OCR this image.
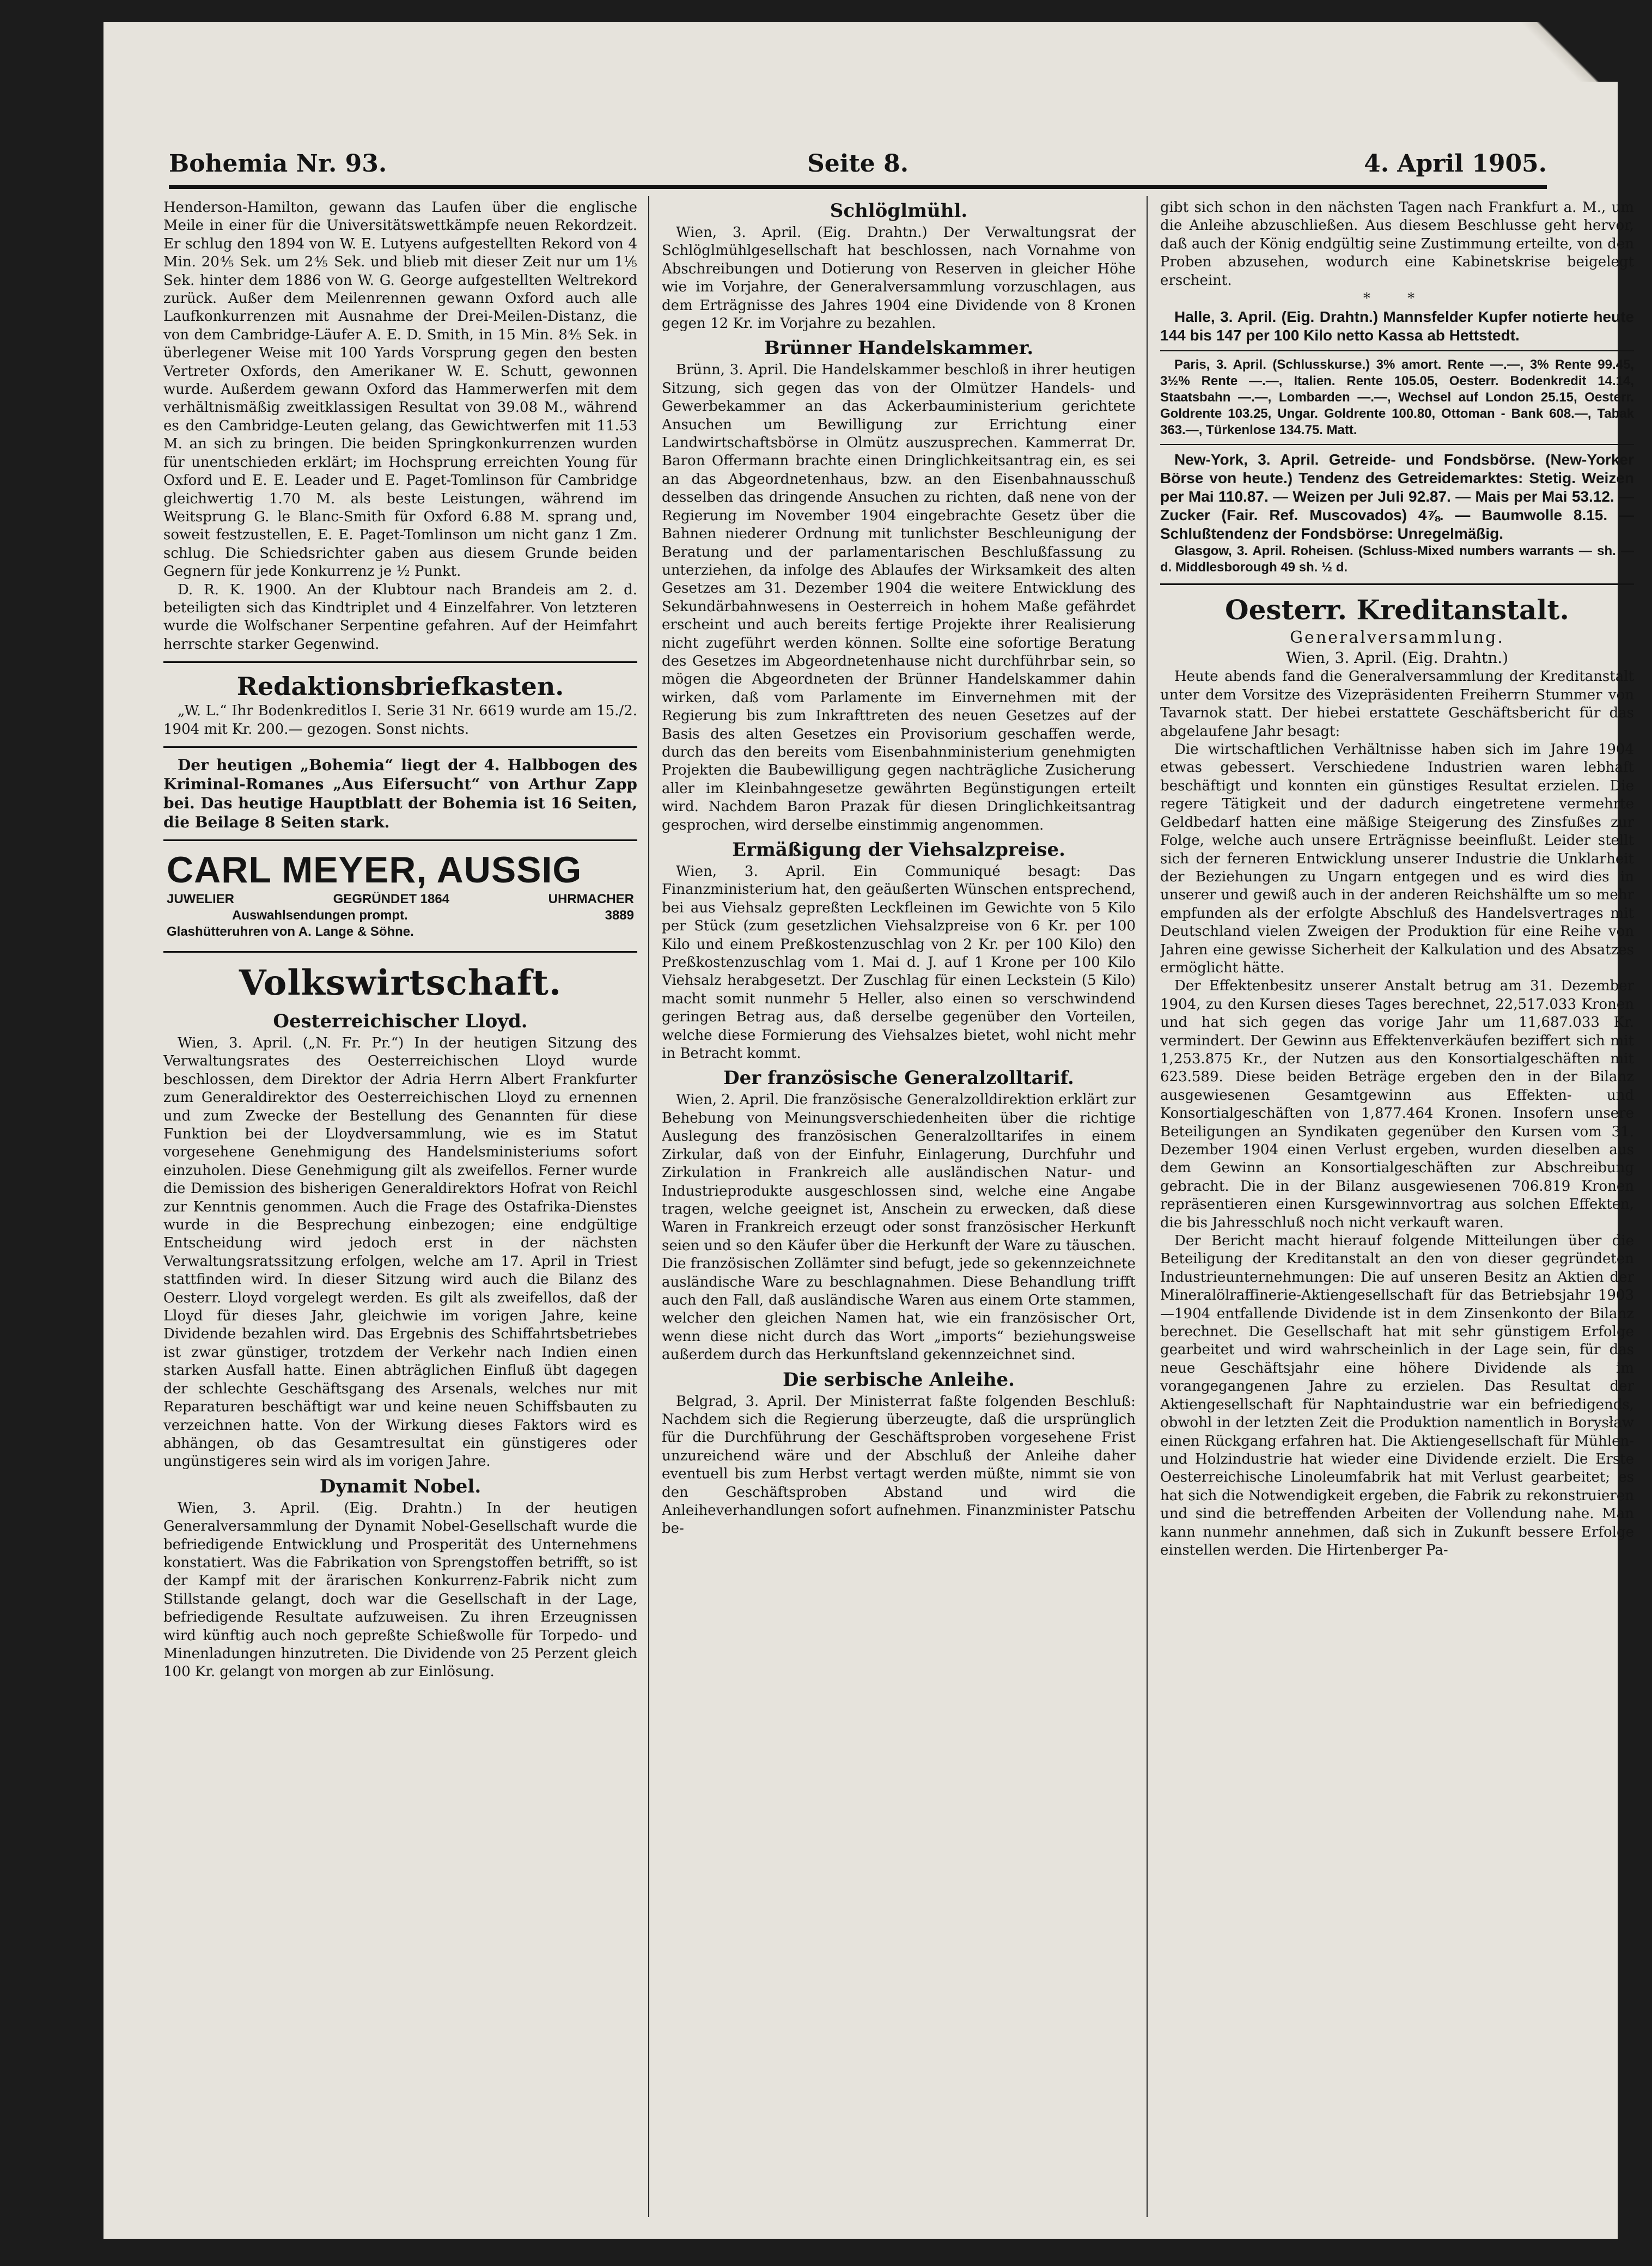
Bohemia Nr. 93.	Seite 8.	4. April 1905.

Henderson-Hamilton, gewann das Laufen über die englische Meile in einer für die Universitätswettkämpfe neuen Rekordzeit. Er schlug den 1894 von W. E. Lutyens aufgestellten Rekord von 4 Min. 20⅘ Sek. um 2⅘ Sek. und blieb mit dieser Zeit nur um 1⅕ Sek. hinter dem 1886 von W. G. George aufgestellten Weltrekord zurück. Außer dem Meilenrennen gewann Oxford auch alle Laufkonkurrenzen mit Ausnahme der Drei-Meilen-Distanz, die von dem Cambridge-Läufer A. E. D. Smith, in 15 Min. 8⅘ Sek. in überlegener Weise mit 100 Yards Vorsprung gegen den besten Vertreter Oxfords, den Amerikaner W. E. Schutt, gewonnen wurde. Außerdem gewann Oxford das Hammerwerfen mit dem verhältnismäßig zweitklassigen Resultat von 39.08 M., während es den Cambridge-Leuten gelang, das Gewichtwerfen mit 11.53 M. an sich zu bringen. Die beiden Springkonkurrenzen wurden für unentschieden erklärt; im Hochsprung erreichten Young für Oxford und E. E. Leader und E. Paget-Tomlinson für Cambridge gleichwertig 1.70 M. als beste Leistungen, während im Weitsprung G. le Blanc-Smith für Oxford 6.88 M. sprang und, soweit festzustellen, E. E. Paget-Tomlinson um nicht ganz 1 Zm. schlug. Die Schiedsrichter gaben aus diesem Grunde beiden Gegnern für jede Konkurrenz je ½ Punkt.

D. R. K. 1900. An der Klubtour nach Brandeis am 2. d. beteiligten sich das Kindtriplet und 4 Einzelfahrer. Von letzteren wurde die Wolfschaner Serpentine gefahren. Auf der Heimfahrt herrschte starker Gegenwind.

Redaktionsbriefkasten.

„W. L.“ Ihr Bodenkreditlos I. Serie 31 Nr. 6619 wurde am 15./2. 1904 mit Kr. 200.— gezogen. Sonst nichts.

Der heutigen „Bohemia“ liegt der 4. Halbbogen des Kriminal-Romanes „Aus Eifersucht“ von Arthur Zapp bei. Das heutige Hauptblatt der Bohemia ist 16 Seiten, die Beilage 8 Seiten stark.

CARL MEYER, AUSSIG
JUWELIER	GEGRÜNDET 1864	UHRMACHER
Auswahlsendungen prompt.	3889
Glashütteruhren von A. Lange & Söhne.
Volkswirtschaft.
Oesterreichischer Lloyd.

Wien, 3. April. („N. Fr. Pr.“) In der heutigen Sitzung des Verwaltungsrates des Oesterreichischen Lloyd wurde beschlossen, dem Direktor der Adria Herrn Albert Frankfurter zum Generaldirektor des Oesterreichischen Lloyd zu ernennen und zum Zwecke der Bestellung des Genannten für diese Funktion bei der Lloydversammlung, wie es im Statut vorgesehene Genehmigung des Handelsministeriums sofort einzuholen. Diese Genehmigung gilt als zweifellos. Ferner wurde die Demission des bisherigen Generaldirektors Hofrat von Reichl zur Kenntnis genommen. Auch die Frage des Ostafrika-Dienstes wurde in die Besprechung einbezogen; eine endgültige Entscheidung wird jedoch erst in der nächsten Verwaltungsratssitzung erfolgen, welche am 17. April in Triest stattfinden wird. In dieser Sitzung wird auch die Bilanz des Oesterr. Lloyd vorgelegt werden. Es gilt als zweifellos, daß der Lloyd für dieses Jahr, gleichwie im vorigen Jahre, keine Dividende bezahlen wird. Das Ergebnis des Schiffahrtsbetriebes ist zwar günstiger, trotzdem der Verkehr nach Indien einen starken Ausfall hatte. Einen abträglichen Einfluß übt dagegen der schlechte Geschäftsgang des Arsenals, welches nur mit Reparaturen beschäftigt war und keine neuen Schiffsbauten zu verzeichnen hatte. Von der Wirkung dieses Faktors wird es abhängen, ob das Gesamtresultat ein günstigeres oder ungünstigeres sein wird als im vorigen Jahre.

Dynamit Nobel.

Wien, 3. April. (Eig. Drahtn.) In der heutigen Generalversammlung der Dynamit Nobel-Gesellschaft wurde die befriedigende Entwicklung und Prosperität des Unternehmens konstatiert. Was die Fabrikation von Sprengstoffen betrifft, so ist der Kampf mit der ärarischen Konkurrenz-Fabrik nicht zum Stillstande gelangt, doch war die Gesellschaft in der Lage, befriedigende Resultate aufzuweisen. Zu ihren Erzeugnissen wird künftig auch noch gepreßte Schießwolle für Torpedo- und Minenladungen hinzutreten. Die Dividende von 25 Perzent gleich 100 Kr. gelangt von morgen ab zur Einlösung.

Schlöglmühl.

Wien, 3. April. (Eig. Drahtn.) Der Verwaltungsrat der Schlöglmühlgesellschaft hat beschlossen, nach Vornahme von Abschreibungen und Dotierung von Reserven in gleicher Höhe wie im Vorjahre, der Generalversammlung vorzuschlagen, aus dem Erträgnisse des Jahres 1904 eine Dividende von 8 Kronen gegen 12 Kr. im Vorjahre zu bezahlen.

Brünner Handelskammer.

Brünn, 3. April. Die Handelskammer beschloß in ihrer heutigen Sitzung, sich gegen das von der Olmützer Handels- und Gewerbekammer an das Ackerbauministerium gerichtete Ansuchen um Bewilligung zur Errichtung einer Landwirtschaftsbörse in Olmütz auszusprechen. Kammerrat Dr. Baron Offermann brachte einen Dringlichkeitsantrag ein, es sei an das Abgeordnetenhaus, bzw. an den Eisenbahnausschuß desselben das dringende Ansuchen zu richten, daß nene von der Regierung im November 1904 eingebrachte Gesetz über die Bahnen niederer Ordnung mit tunlichster Beschleunigung der Beratung und der parlamentarischen Beschlußfassung zu unterziehen, da infolge des Ablaufes der Wirksamkeit des alten Gesetzes am 31. Dezember 1904 die weitere Entwicklung des Sekundärbahnwesens in Oesterreich in hohem Maße gefährdet erscheint und auch bereits fertige Projekte ihrer Realisierung nicht zugeführt werden können. Sollte eine sofortige Beratung des Gesetzes im Abgeordnetenhause nicht durchführbar sein, so mögen die Abgeordneten der Brünner Handelskammer dahin wirken, daß vom Parlamente im Einvernehmen mit der Regierung bis zum Inkrafttreten des neuen Gesetzes auf der Basis des alten Gesetzes ein Provisorium geschaffen werde, durch das den bereits vom Eisenbahnministerium genehmigten Projekten die Baubewilligung gegen nachträgliche Zusicherung aller im Kleinbahngesetze gewährten Begünstigungen erteilt wird. Nachdem Baron Prazak für diesen Dringlichkeitsantrag gesprochen, wird derselbe einstimmig angenommen.

Ermäßigung der Viehsalzpreise.

Wien, 3. April. Ein Communiqué besagt: Das Finanzministerium hat, den geäußerten Wünschen entsprechend, bei aus Viehsalz gepreßten Leckfleinen im Gewichte von 5 Kilo per Stück (zum gesetzlichen Viehsalzpreise von 6 Kr. per 100 Kilo und einem Preßkostenzuschlag von 2 Kr. per 100 Kilo) den Preßkostenzuschlag vom 1. Mai d. J. auf 1 Krone per 100 Kilo Viehsalz herabgesetzt. Der Zuschlag für einen Leckstein (5 Kilo) macht somit nunmehr 5 Heller, also einen so verschwindend geringen Betrag aus, daß derselbe gegenüber den Vorteilen, welche diese Formierung des Viehsalzes bietet, wohl nicht mehr in Betracht kommt.

Der französische Generalzolltarif.

Wien, 2. April. Die französische Generalzolldirektion erklärt zur Behebung von Meinungsverschiedenheiten über die richtige Auslegung des französischen Generalzolltarifes in einem Zirkular, daß von der Einfuhr, Einlagerung, Durchfuhr und Zirkulation in Frankreich alle ausländischen Natur- und Industrieprodukte ausgeschlossen sind, welche eine Angabe tragen, welche geeignet ist, Anschein zu erwecken, daß diese Waren in Frankreich erzeugt oder sonst französischer Herkunft seien und so den Käufer über die Herkunft der Ware zu täuschen. Die französischen Zollämter sind befugt, jede so gekennzeichnete ausländische Ware zu beschlagnahmen. Diese Behandlung trifft auch den Fall, daß ausländische Waren aus einem Orte stammen, welcher den gleichen Namen hat, wie ein französischer Ort, wenn diese nicht durch das Wort „imports“ beziehungsweise außerdem durch das Herkunftsland gekennzeichnet sind.

Die serbische Anleihe.

Belgrad, 3. April. Der Ministerrat faßte folgenden Beschluß: Nachdem sich die Regierung überzeugte, daß die ursprünglich für die Durchführung der Geschäftsproben vorgesehene Frist unzureichend wäre und der Abschluß der Anleihe daher eventuell bis zum Herbst vertagt werden müßte, nimmt sie von den Geschäftsproben Abstand und wird die Anleiheverhandlungen sofort aufnehmen. Finanzminister Patschu be-

gibt sich schon in den nächsten Tagen nach Frankfurt a. M., um die Anleihe abzuschließen. Aus diesem Beschlusse geht hervor, daß auch der König endgültig seine Zustimmung erteilte, von den Proben abzusehen, wodurch eine Kabinetskrise beigelegt erscheint.

* *

Halle, 3. April. (Eig. Drahtn.) Mannsfelder Kupfer notierte heute 144 bis 147 per 100 Kilo netto Kassa ab Hettstedt.

Paris, 3. April. (Schlusskurse.) 3% amort. Rente —.—, 3% Rente 99.45, 3½% Rente —.—, Italien. Rente 105.05, Oesterr. Bodenkredit 14.14, Staatsbahn —.—, Lombarden —.—, Wechsel auf London 25.15, Oesterr. Goldrente 103.25, Ungar. Goldrente 100.80, Ottoman - Bank 608.—, Tabak 363.—, Türkenlose 134.75. Matt.

New-York, 3. April. Getreide- und Fondsbörse. (New-Yorker Börse von heute.) Tendenz des Getreidemarktes: Stetig. Weizen per Mai 110.87. — Weizen per Juli 92.87. — Mais per Mai 53.12. — Zucker (Fair. Ref. Muscovados) 4⅞. — Baumwolle 8.15. — Schlußtendenz der Fondsbörse: Unregelmäßig.

Glasgow, 3. April. Roheisen. (Schluss-Mixed numbers warrants — sh. — d. Middlesborough 49 sh. ½ d.

Oesterr. Kreditanstalt.
Generalversammlung.
Wien, 3. April. (Eig. Drahtn.)

Heute abends fand die Generalversammlung der Kreditanstalt unter dem Vorsitze des Vizepräsidenten Freiherrn Stummer von Tavarnok statt. Der hiebei erstattete Geschäftsbericht für das abgelaufene Jahr besagt:

Die wirtschaftlichen Verhältnisse haben sich im Jahre 1904 etwas gebessert. Verschiedene Industrien waren lebhaft beschäftigt und konnten ein günstiges Resultat erzielen. Die regere Tätigkeit und der dadurch eingetretene vermehrte Geldbedarf hatten eine mäßige Steigerung des Zinsfußes zur Folge, welche auch unsere Erträgnisse beeinflußt. Leider stellt sich der ferneren Entwicklung unserer Industrie die Unklarheit der Beziehungen zu Ungarn entgegen und es wird dies in unserer und gewiß auch in der anderen Reichshälfte um so mehr empfunden als der erfolgte Abschluß des Handelsvertrages mit Deutschland vielen Zweigen der Produktion für eine Reihe von Jahren eine gewisse Sicherheit der Kalkulation und des Absatzes ermöglicht hätte.

Der Effektenbesitz unserer Anstalt betrug am 31. Dezember 1904, zu den Kursen dieses Tages berechnet, 22,517.033 Kronen und hat sich gegen das vorige Jahr um 11,687.033 Kr. vermindert. Der Gewinn aus Effektenverkäufen beziffert sich mit 1,253.875 Kr., der Nutzen aus den Konsortialgeschäften mit 623.589. Diese beiden Beträge ergeben den in der Bilanz ausgewiesenen Gesamtgewinn aus Effekten- und Konsortialgeschäften von 1,877.464 Kronen. Insofern unsere Beteiligungen an Syndikaten gegenüber den Kursen vom 31. Dezember 1904 einen Verlust ergeben, wurden dieselben aus dem Gewinn an Konsortialgeschäften zur Abschreibung gebracht. Die in der Bilanz ausgewiesenen 706.819 Kronen repräsentieren einen Kursgewinnvortrag aus solchen Effekten, die bis Jahresschluß noch nicht verkauft waren.

Der Bericht macht hierauf folgende Mitteilungen über die Beteiligung der Kreditanstalt an den von dieser gegründeten Industrieunternehmungen: Die auf unseren Besitz an Aktien der Mineralölraffinerie-Aktiengesellschaft für das Betriebsjahr 1903—1904 entfallende Dividende ist in dem Zinsenkonto der Bilanz berechnet. Die Gesellschaft hat mit sehr günstigem Erfolge gearbeitet und wird wahrscheinlich in der Lage sein, für das neue Geschäftsjahr eine höhere Dividende als im vorangegangenen Jahre zu erzielen. Das Resultat der Aktiengesellschaft für Naphtaindustrie war ein befriedigends, obwohl in der letzten Zeit die Produktion namentlich in Borysław einen Rückgang erfahren hat. Die Aktiengesellschaft für Mühlen- und Holzindustrie hat wieder eine Dividende erzielt. Die Erste Oesterreichische Linoleumfabrik hat mit Verlust gearbeitet; es hat sich die Notwendigkeit ergeben, die Fabrik zu rekonstruieren und sind die betreffenden Arbeiten der Vollendung nahe. Man kann nunmehr annehmen, daß sich in Zukunft bessere Erfolge einstellen werden. Die Hirtenberger Pa-
